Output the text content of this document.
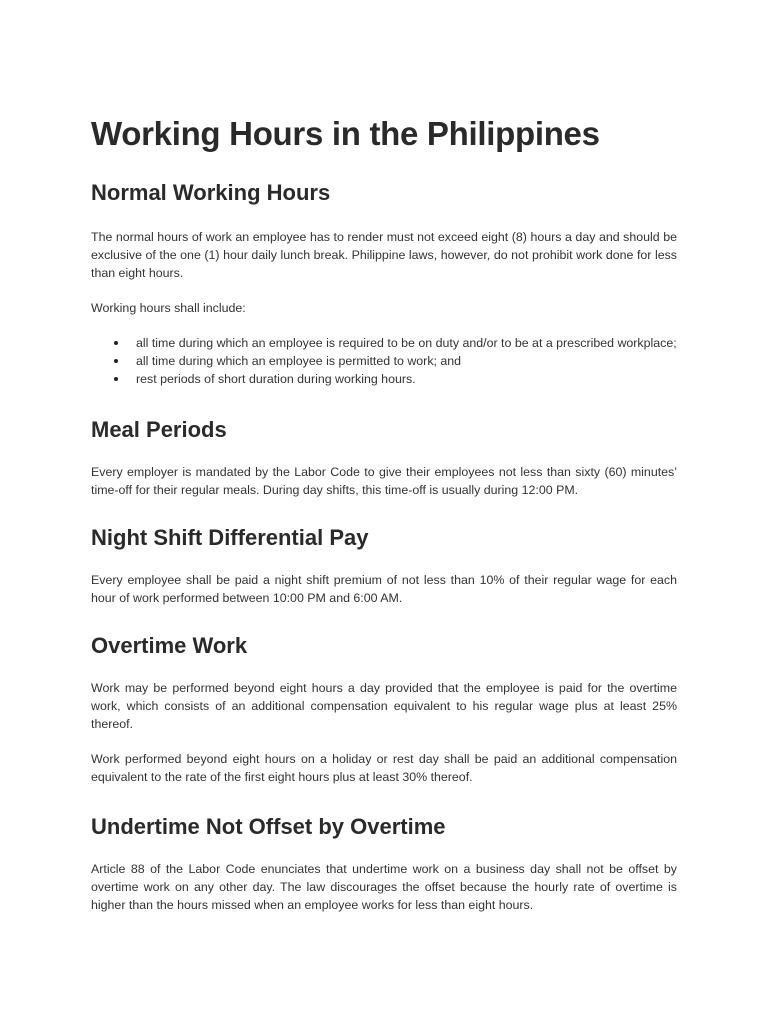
Working Hours in the Philippines
Normal Working Hours

The normal hours of work an employee has to render must not exceed eight (8) hours a day and should be exclusive of the one (1) hour daily lunch break. Philippine laws, however, do not prohibit work done for less than eight hours.

Working hours shall include:

all time during which an employee is required to be on duty and/or to be at a prescribed workplace;
all time during which an employee is permitted to work; and
rest periods of short duration during working hours.
Meal Periods

Every employer is mandated by the Labor Code to give their employees not less than sixty (60) minutes’ time-off for their regular meals. During day shifts, this time-off is usually during 12:00 PM.

Night Shift Differential Pay

Every employee shall be paid a night shift premium of not less than 10% of their regular wage for each hour of work performed between 10:00 PM and 6:00 AM.

Overtime Work

Work may be performed beyond eight hours a day provided that the employee is paid for the overtime work, which consists of an additional compensation equivalent to his regular wage plus at least 25% thereof.

Work performed beyond eight hours on a holiday or rest day shall be paid an additional compensation equivalent to the rate of the first eight hours plus at least 30% thereof.

Undertime Not Offset by Overtime

Article 88 of the Labor Code enunciates that undertime work on a business day shall not be offset by overtime work on any other day. The law discourages the offset because the hourly rate of overtime is higher than the hours missed when an employee works for less than eight hours.
